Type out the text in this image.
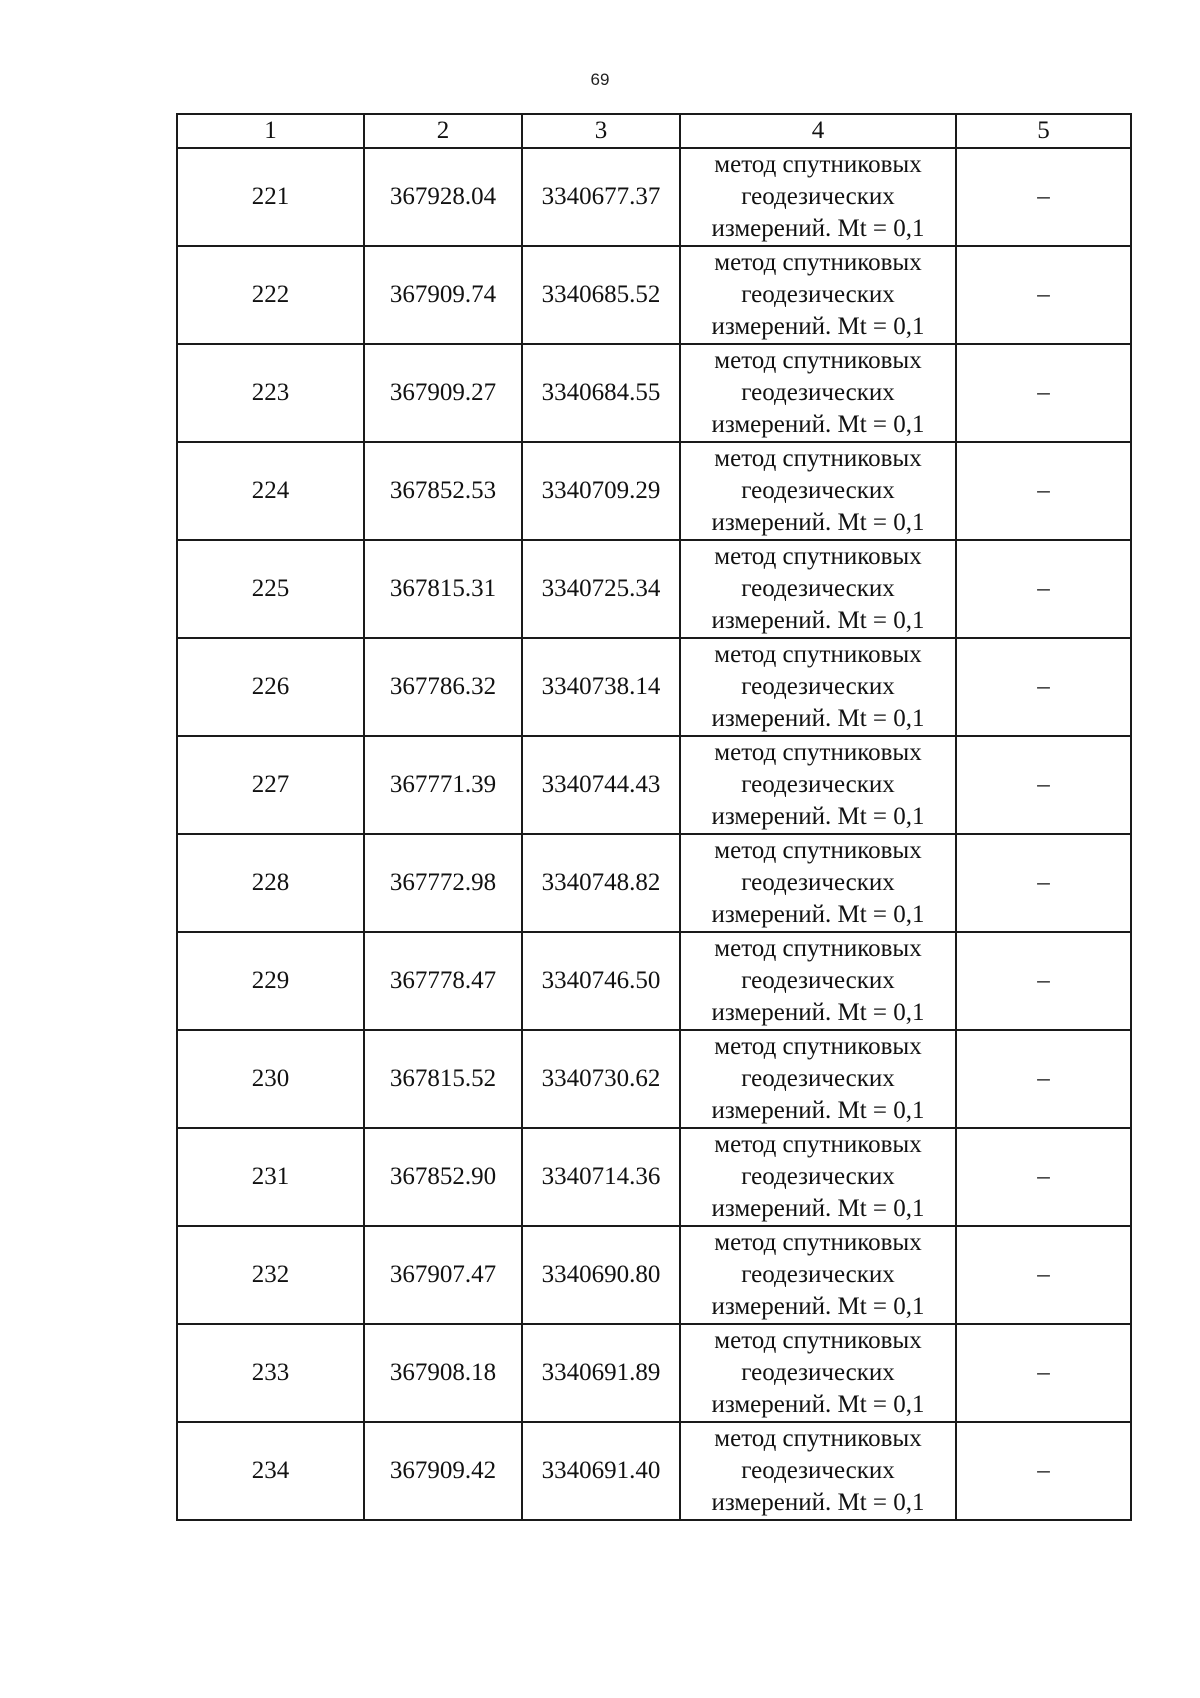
69
1	2	3	4	5
221	367928.04	3340677.37	метод спутниковых
геодезических
измерений. Mt = 0,1	–
222	367909.74	3340685.52	метод спутниковых
геодезических
измерений. Mt = 0,1	–
223	367909.27	3340684.55	метод спутниковых
геодезических
измерений. Mt = 0,1	–
224	367852.53	3340709.29	метод спутниковых
геодезических
измерений. Mt = 0,1	–
225	367815.31	3340725.34	метод спутниковых
геодезических
измерений. Mt = 0,1	–
226	367786.32	3340738.14	метод спутниковых
геодезических
измерений. Mt = 0,1	–
227	367771.39	3340744.43	метод спутниковых
геодезических
измерений. Mt = 0,1	–
228	367772.98	3340748.82	метод спутниковых
геодезических
измерений. Mt = 0,1	–
229	367778.47	3340746.50	метод спутниковых
геодезических
измерений. Mt = 0,1	–
230	367815.52	3340730.62	метод спутниковых
геодезических
измерений. Mt = 0,1	–
231	367852.90	3340714.36	метод спутниковых
геодезических
измерений. Mt = 0,1	–
232	367907.47	3340690.80	метод спутниковых
геодезических
измерений. Mt = 0,1	–
233	367908.18	3340691.89	метод спутниковых
геодезических
измерений. Mt = 0,1	–
234	367909.42	3340691.40	метод спутниковых
геодезических
измерений. Mt = 0,1	–
